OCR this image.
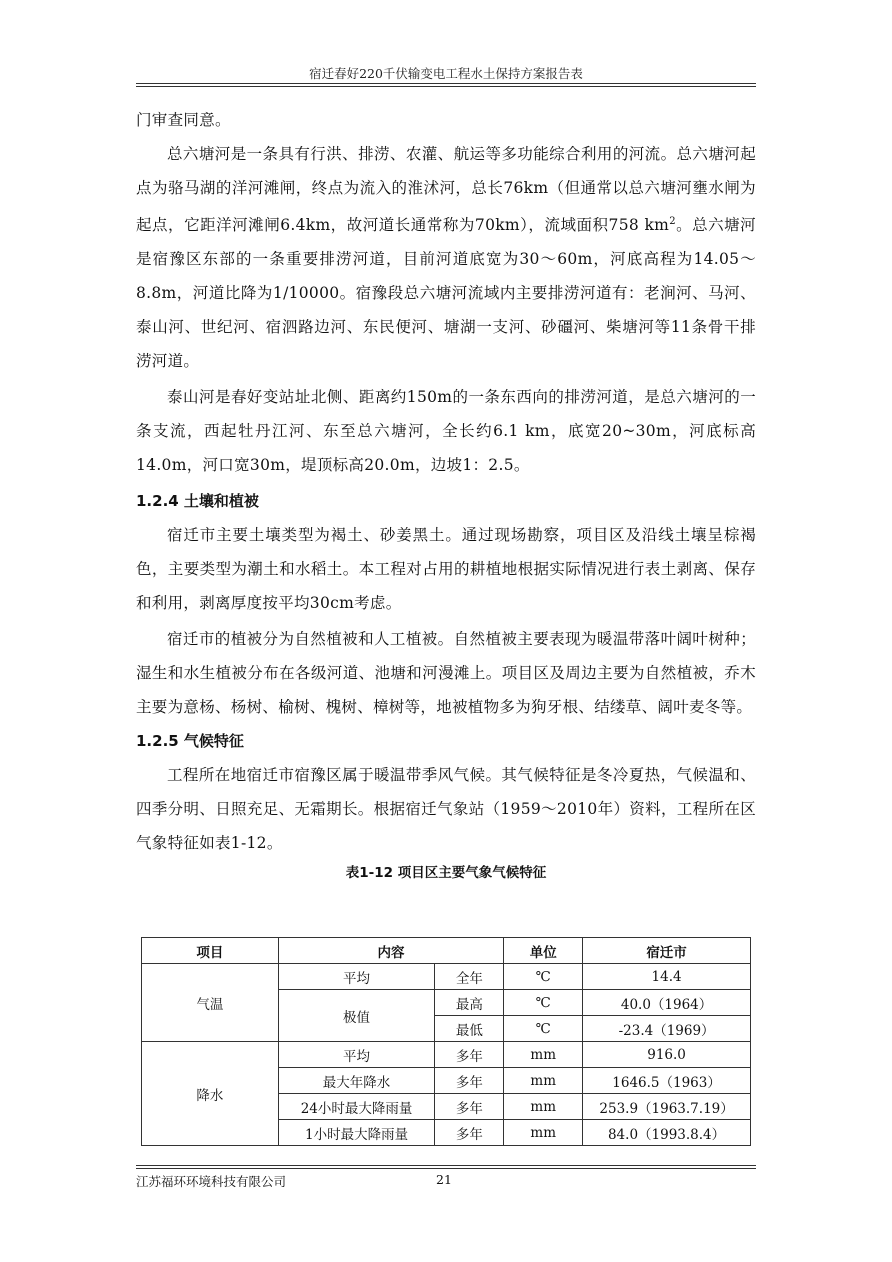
宿迁春好220千伏输变电工程水土保持方案报告表

门审查同意。

总六塘河是一条具有行洪、排涝、农灌、航运等多功能综合利用的河流。总六塘河起点为骆马湖的洋河滩闸，终点为流入的淮沭河，总长76km（但通常以总六塘河壅水闸为起点，它距洋河滩闸6.4km，故河道长通常称为70km），流域面积758 $km^2$。总六塘河是宿豫区东部的一条重要排涝河道，目前河道底宽为30～60m，河底高程为14.05～8.8m，河道比降为1/10000。宿豫段总六塘河流域内主要排涝河道有：老涧河、马河、泰山河、世纪河、宿泗路边河、东民便河、塘湖一支河、砂礓河、柴塘河等11条骨干排涝河道。

泰山河是春好变站址北侧、距离约150m的一条东西向的排涝河道，是总六塘河的一条支流，西起牡丹江河、东至总六塘河，全长约6.1 km，底宽20~30m，河底标高14.0m，河口宽30m，堤顶标高20.0m，边坡1：2.5。

1.2.4 土壤和植被

宿迁市主要土壤类型为褐土、砂姜黑土。通过现场勘察，项目区及沿线土壤呈棕褐色，主要类型为潮土和水稻土。本工程对占用的耕植地根据实际情况进行表土剥离、保存和利用，剥离厚度按平均30cm考虑。

宿迁市的植被分为自然植被和人工植被。自然植被主要表现为暖温带落叶阔叶树种；湿生和水生植被分布在各级河道、池塘和河漫滩上。项目区及周边主要为自然植被，乔木主要为意杨、杨树、榆树、槐树、樟树等，地被植物多为狗牙根、结缕草、阔叶麦冬等。

1.2.5 气候特征

工程所在地宿迁市宿豫区属于暖温带季风气候。其气候特征是冬冷夏热，气候温和、四季分明、日照充足、无霜期长。根据宿迁气象站（1959～2010年）资料，工程所在区气象特征如表1-12。

表1-12 项目区主要气象气候特征

项目	内容		单位	宿迁市
气温	平均	全年	℃	14.4
	极值	最高	℃	40.0（1964）
		最低	℃	-23.4（1969）
降水	平均	多年	mm	916.0
	最大年降水	多年	mm	1646.5（1963）
	24小时最大降雨量	多年	mm	253.9（1963.7.19）
	1小时最大降雨量	多年	mm	84.0（1993.8.4）
江苏福环环境科技有限公司	21
